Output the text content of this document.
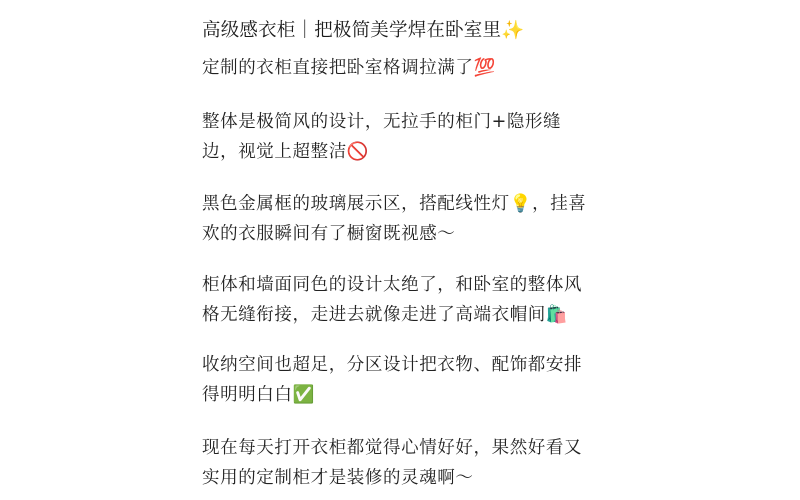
高级感衣柜｜把极简美学焊在卧室里✨

定制的衣柜直接把卧室格调拉满了💯

整体是极简风的设计，无拉手的柜门+隐形缝
边，视觉上超整洁🚫

黑色金属框的玻璃展示区，搭配线性灯💡，挂喜
欢的衣服瞬间有了橱窗既视感～

柜体和墙面同色的设计太绝了，和卧室的整体风
格无缝衔接，走进去就像走进了高端衣帽间🛍️

收纳空间也超足，分区设计把衣物、配饰都安排
得明明白白✅

现在每天打开衣柜都觉得心情好好，果然好看又
实用的定制柜才是装修的灵魂啊～
